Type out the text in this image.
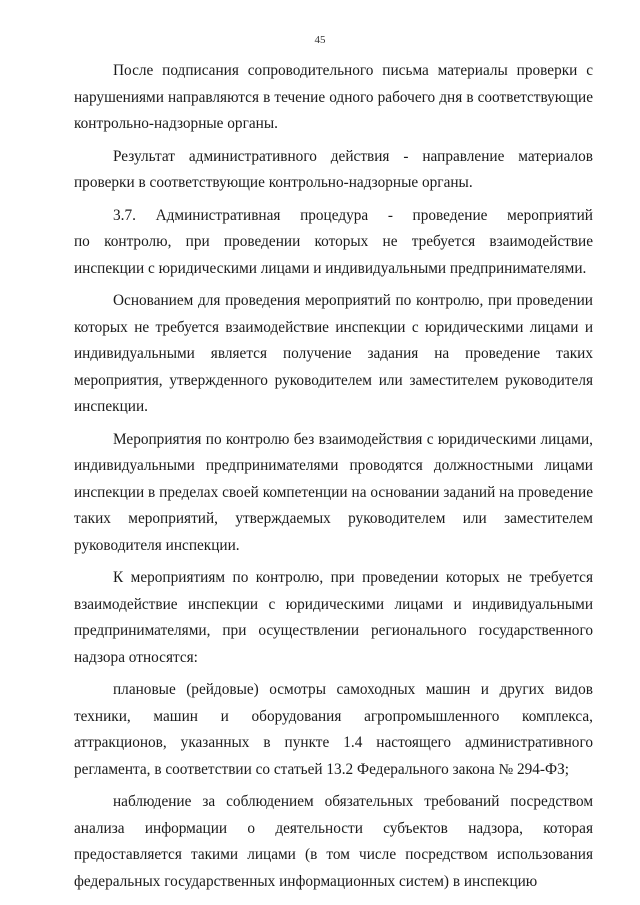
45

После подписания сопроводительного письма материалы проверки с нарушениями направляются в течение одного рабочего дня в соответствующие контрольно-надзорные органы.

Результат административного действия - направление материалов проверки в соответствующие контрольно-надзорные органы.

3.7. Административная процедура - проведение мероприятий

по контролю, при проведении которых не требуется взаимодействие инспекции с юридическими лицами и индивидуальными предпринимателями.

Основанием для проведения мероприятий по контролю, при проведении которых не требуется взаимодействие инспекции с юридическими лицами и индивидуальными является получение задания на проведение таких мероприятия, утвержденного руководителем или заместителем руководителя инспекции.

Мероприятия по контролю без взаимодействия с юридическими лицами, индивидуальными предпринимателями проводятся должностными лицами инспекции в пределах своей компетенции на основании заданий на проведение таких мероприятий, утверждаемых руководителем или заместителем руководителя инспекции.

К мероприятиям по контролю, при проведении которых не требуется взаимодействие инспекции с юридическими лицами и индивидуальными предпринимателями, при осуществлении регионального государственного надзора относятся:

плановые (рейдовые) осмотры самоходных машин и других видов техники, машин и оборудования агропромышленного комплекса, аттракционов, указанных в пункте 1.4 настоящего административного регламента, в соответствии со статьей 13.2 Федерального закона № 294-ФЗ;

наблюдение за соблюдением обязательных требований посредством анализа информации о деятельности субъектов надзора, которая предоставляется такими лицами (в том числе посредством использования федеральных государственных информационных систем) в инспекцию
